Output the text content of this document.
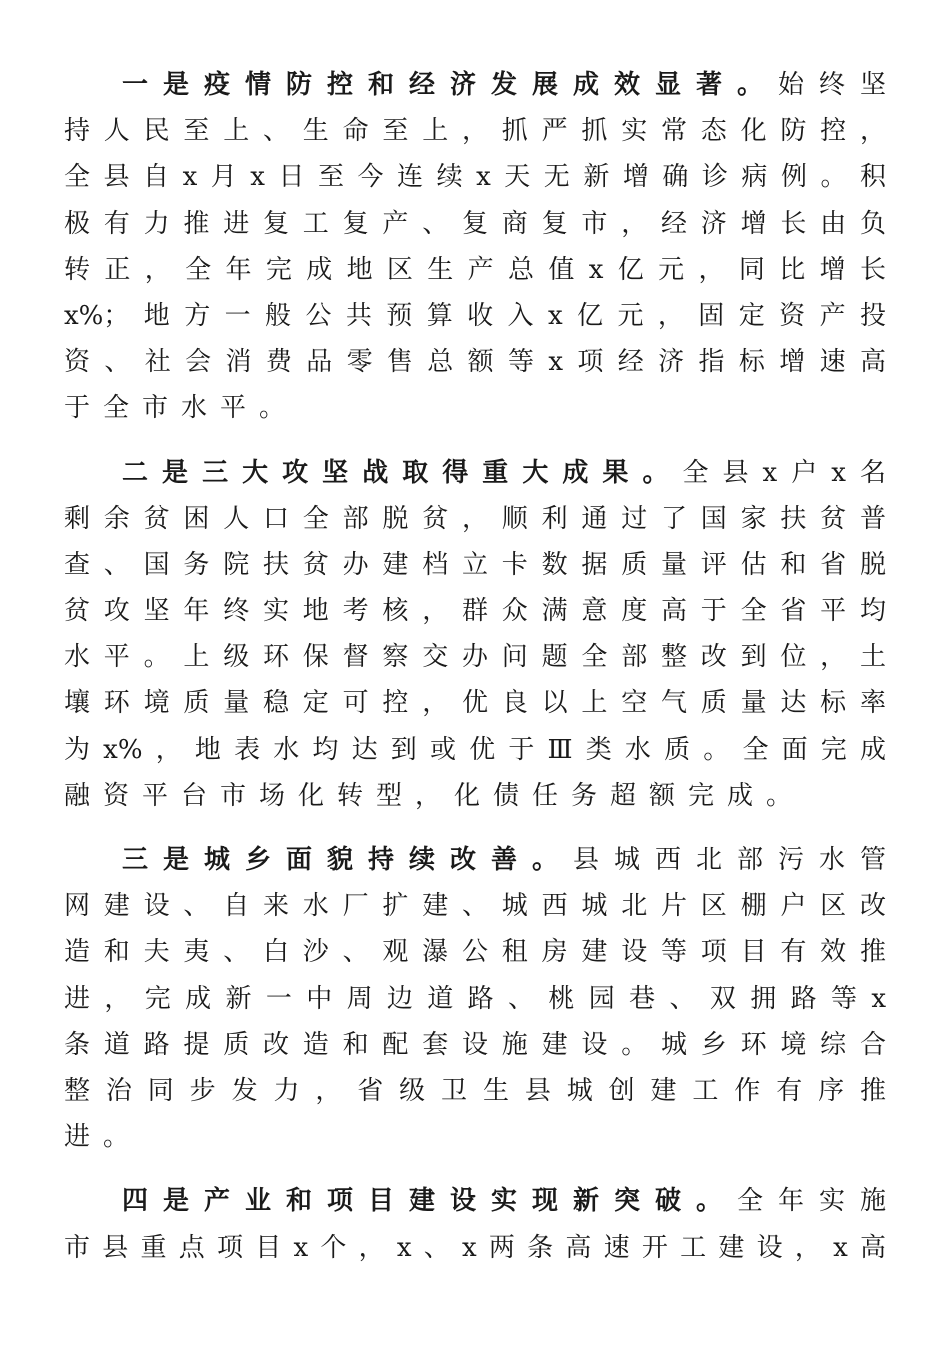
一是疫情防控和经济发展成效显著。始终坚
持人民至上、生命至上，抓严抓实常态化防控，
全县自x月x日至今连续x天无新增确诊病例。积
极有力推进复工复产、复商复市，经济增长由负
转正，全年完成地区生产总值x亿元，同比增长
x%；地方一般公共预算收入x亿元，固定资产投
资、社会消费品零售总额等x项经济指标增速高
于全市水平。
二是三大攻坚战取得重大成果。全县x户x名
剩余贫困人口全部脱贫，顺利通过了国家扶贫普
查、国务院扶贫办建档立卡数据质量评估和省脱
贫攻坚年终实地考核，群众满意度高于全省平均
水平。上级环保督察交办问题全部整改到位，土
壤环境质量稳定可控，优良以上空气质量达标率
为x%，地表水均达到或优于Ⅲ类水质。全面完成
融资平台市场化转型，化债任务超额完成。
三是城乡面貌持续改善。县城西北部污水管
网建设、自来水厂扩建、城西城北片区棚户区改
造和夫夷、白沙、观瀑公租房建设等项目有效推
进，完成新一中周边道路、桃园巷、双拥路等x
条道路提质改造和配套设施建设。城乡环境综合
整治同步发力，省级卫生县城创建工作有序推
进。
四是产业和项目建设实现新突破。全年实施
市县重点项目x个，x、x两条高速开工建设，x高
